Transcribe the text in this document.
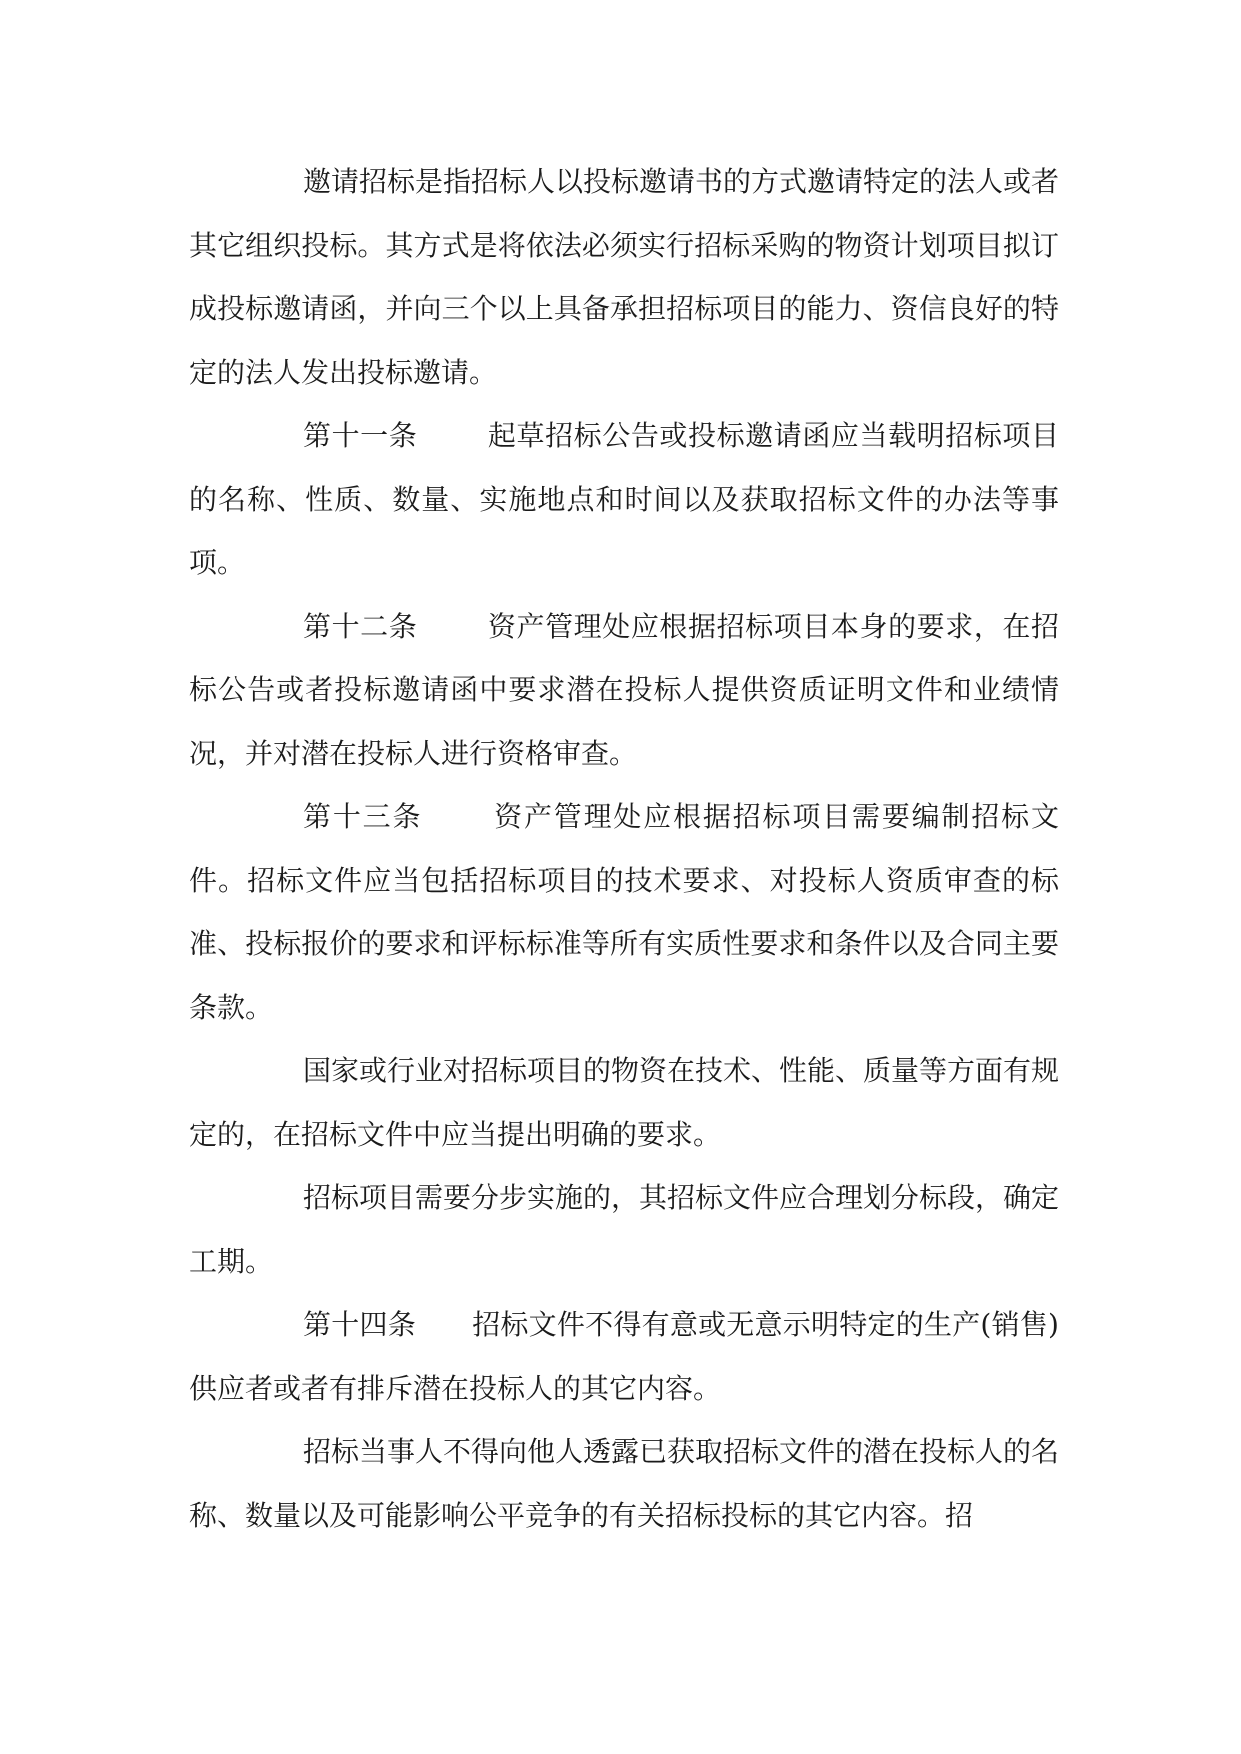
邀请招标是指招标人以投标邀请书的方式邀请特定的法人或者其它组织投标。其方式是将依法必须实行招标采购的物资计划项目拟订成投标邀请函，并向三个以上具备承担招标项目的能力、资信良好的特定的法人发出投标邀请。

第十一条	起草招标公告或投标邀请函应当载明招标项目的名称、性质、数量、实施地点和时间以及获取招标文件的办法等事项。

第十二条	资产管理处应根据招标项目本身的要求，在招标公告或者投标邀请函中要求潜在投标人提供资质证明文件和业绩情况，并对潜在投标人进行资格审查。

第十三条	资产管理处应根据招标项目需要编制招标文件。招标文件应当包括招标项目的技术要求、对投标人资质审查的标准、投标报价的要求和评标标准等所有实质性要求和条件以及合同主要条款。

国家或行业对招标项目的物资在技术、性能、质量等方面有规定的，在招标文件中应当提出明确的要求。

招标项目需要分步实施的，其招标文件应合理划分标段，确定工期。

第十四条 招标文件不得有意或无意示明特定的生产(销售)供应者或者有排斥潜在投标人的其它内容。

招标当事人不得向他人透露已获取招标文件的潜在投标人的名称、数量以及可能影响公平竞争的有关招标投标的其它内容。招
